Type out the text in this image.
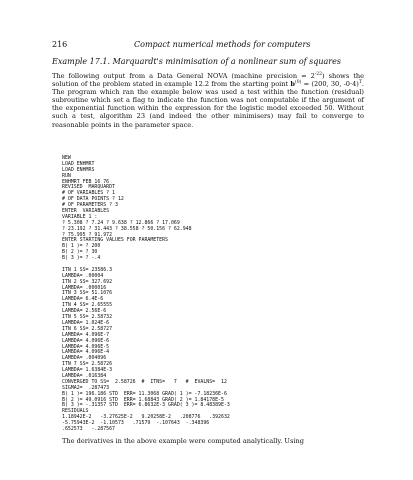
216	Compact numerical methods for computers
Example 17.1. Marquardt's minimisation of a nonlinear sum of squares
The following output from a Data General NOVA (machine precision = $2^{-22}$) shows the solution of the problem stated in example 12.2 from the starting point $b^{(0)} = (200$, 30, -0·4)$^T$. The program which ran the example below was used a test within the function (residual) subroutine which set a flag to indicate the function was not computable if the argument of the exponential function within the expression for the logistic model exceeded 50. Without such a test, algorithm 23 (and indeed the other minimisers) may fail to converge to reasonable points in the parameter space.
NEW
LOAD ENHMRT
LOAD ENHMRS
RUN
ENHMRT FEB 16 76
REVISED  MARQUARDT
# OF VARIABLES ? 1
# OF DATA POINTS ? 12
# OF PARAMETERS ? 3
ENTER  VARIABLES
VARIABLE 1 :
? 5.308 ? 7.24 ? 9.638 ? 12.866 ? 17.069
? 23.192 ? 31.443 ? 38.558 ? 50.156 ? 62.948
? 75.995 ? 91.972
ENTER STARTING VALUES FOR PARAMETERS
B( 1 )= ? 200
B( 2 )= ? 30
B( 3 )= ? -.4
ITN 1 SS= 23586.3
LAMBDA= .00004
ITN 2 SS= 327.692
LAMBDA= .000016
ITN 3 SS= 51.1076
LAMBDA= 6.4E-6
ITN 4 SS= 2.65555
LAMBDA= 2.56E-6
ITN 5 SS= 2.58732
LAMBDA= 1.024E-6
ITN 6 SS= 2.58727
LAMBDA= 4.096E-7
LAMBDA= 4.096E-6
LAMBDA= 4.096E-5
LAMBDA= 4.096E-4
LAMBDA= .004096
ITN 7 SS= 2.58726
LAMBDA= 1.6384E-3
LAMBDA= .016384
CONVERGED TO SS=  2.58726  #  ITNS=   7   #  EVALNS=  12
SIGMA2=  .287473
B( 1 )= 196.186 STD  ERR= 11.3068 GRAD( 1 )= -7.18236E-6
B( 2 )= 49.0916 STD  ERR= 1.68843 GRAD( 2 )= 1.84178E-5
B( 3 )= -.31357 STD  ERR= 6.8632E-3 GRAD( 3 )= 8.48389E-3
RESIDUALS
1.18942E-2   -3.27625E-2   9.20258E-2   .208776   .392632
-5.75943E-2  -1.10573   .71579  -.107643  -.348396
.652573   -.287567
The derivatives in the above example were computed analytically. Using
